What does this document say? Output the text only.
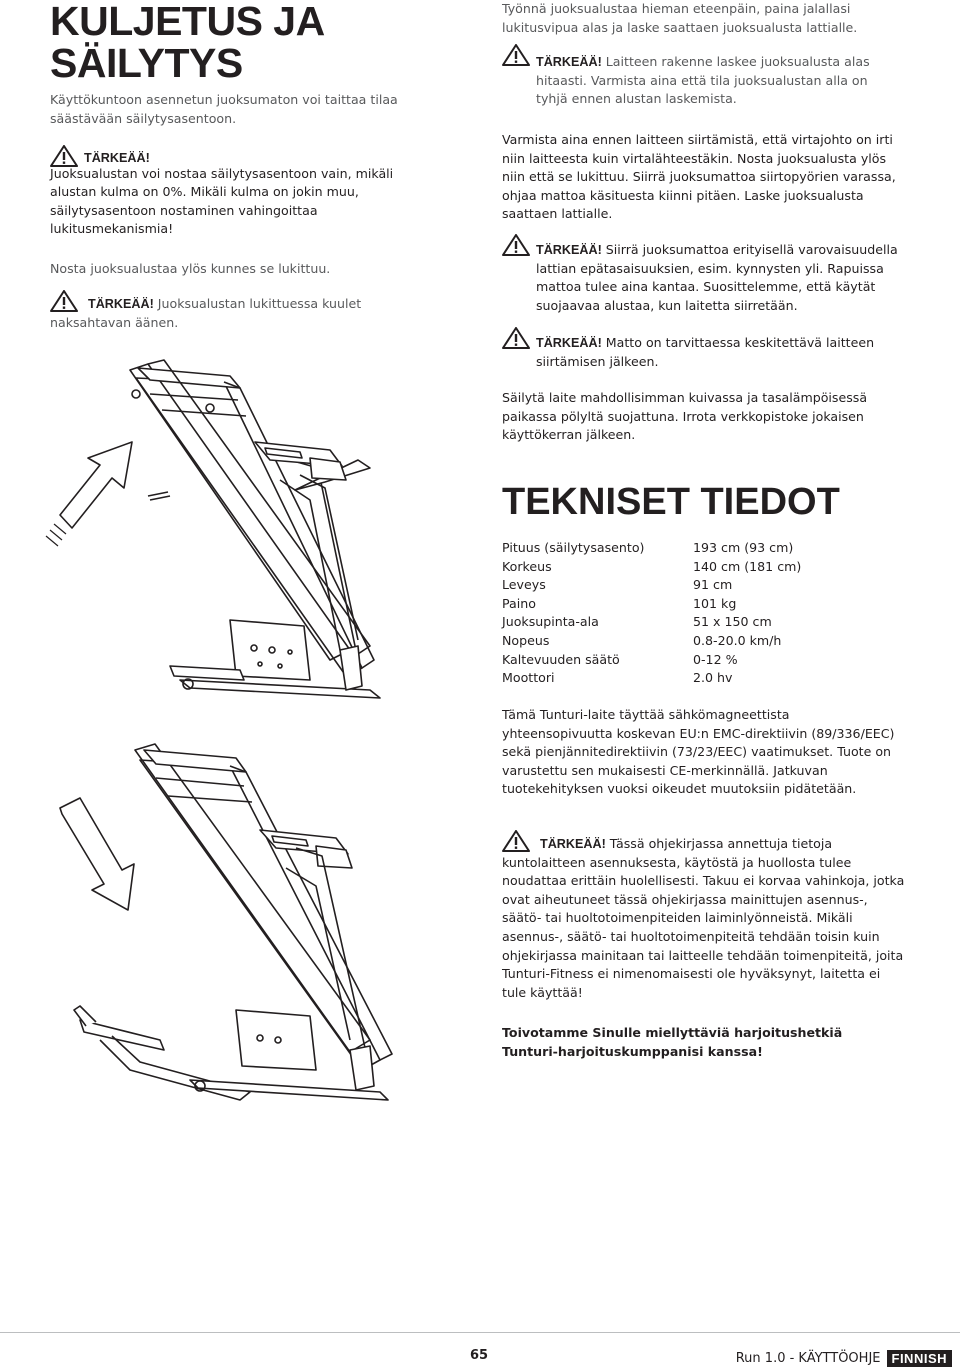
KULJETUS JA
SÄILYTYS
Käyttökuntoon asennetun juoksumaton voi taittaa tilaa säästävään säilytysasentoon.
TÄRKEÄÄ!
Juoksualustan voi nostaa säilytysasentoon vain, mikäli alustan kulma on 0%. Mikäli kulma on jokin muu, säilytysasentoon nostaminen vahingoittaa lukitusmekanismia!
Nosta juoksualustaa ylös kunnes se lukittuu.
TÄRKEÄÄ! Juoksualustan lukittuessa kuulet naksahtavan äänen.
Työnnä juoksualustaa hieman eteenpäin, paina jalallasi lukitusvipua alas ja laske saattaen juoksualusta lattialle.
TÄRKEÄÄ! Laitteen rakenne laskee juoksualusta alas hitaasti. Varmista aina että tila juoksualustan alla on tyhjä ennen alustan laskemista.
Varmista aina ennen laitteen siirtämistä, että virtajohto on irti niin laitteesta kuin virtalähteestäkin. Nosta juoksualusta ylös niin että se lukittuu. Siirrä juoksumattoa siirtopyörien varassa, ohjaa mattoa käsituesta kiinni pitäen. Laske juoksualusta saattaen lattialle.
TÄRKEÄÄ! Siirrä juoksumattoa erityisellä varovaisuudella lattian epätasaisuuksien, esim. kynnysten yli. Rapuissa mattoa tulee aina kantaa. Suosittelemme, että käytät suojaavaa alustaa, kun laitetta siirretään.
TÄRKEÄÄ! Matto on tarvittaessa keskitettävä laitteen siirtämisen jälkeen.
Säilytä laite mahdollisimman kuivassa ja tasalämpöisessä paikassa pölyltä suojattuna. Irrota verkkopistoke jokaisen käyttökerran jälkeen.
TEKNISET TIEDOT
Pituus (säilytysasento)	193 cm (93 cm)
Korkeus	140 cm (181 cm)
Leveys	91 cm
Paino	101 kg
Juoksupinta-ala	51 x 150 cm
Nopeus	0.8-20.0 km/h
Kaltevuuden säätö	0-12 %
Moottori	2.0 hv
Tämä Tunturi-laite täyttää sähkömagneettista yhteensopivuutta koskevan EU:n EMC-direktiivin (89/336/EEC) sekä pienjännitedirektiivin (73/23/EEC) vaatimukset. Tuote on varustettu sen mukaisesti CE-merkinnällä. Jatkuvan tuotekehityksen vuoksi oikeudet muutoksiin pidätetään.
TÄRKEÄÄ! Tässä ohjekirjassa annettuja tietoja kuntolaitteen asennuksesta, käytöstä ja huollosta tulee noudattaa erittäin huolellisesti. Takuu ei korvaa vahinkoja, jotka ovat aiheutuneet tässä ohjekirjassa mainittujen asennus-, säätö- tai huoltotoimenpiteiden laiminlyönneistä. Mikäli asennus-, säätö- tai huoltotoimenpiteitä tehdään toisin kuin ohjekirjassa mainitaan tai laitteelle tehdään toimenpiteitä, joita Tunturi-Fitness ei nimenomaisesti ole hyväksynyt, laitetta ei tule käyttää!
Toivotamme Sinulle miellyttäviä harjoitushetkiä Tunturi-harjoituskumppanisi kanssa!
65	Run 1.0 - KÄYTTÖOHJE FINNISH
